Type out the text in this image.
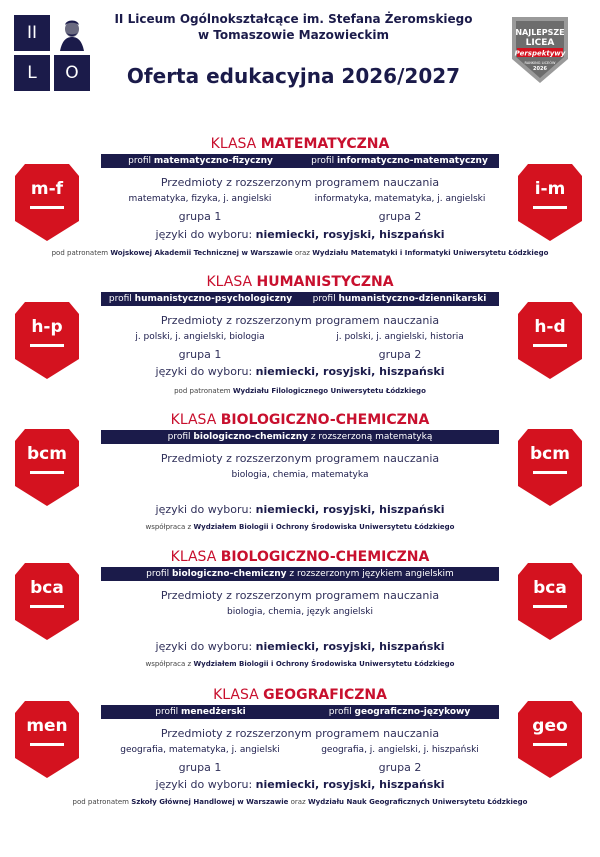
II
L	O
II Liceum Ogólnokształcące im. Stefana Żeromskiego
w Tomaszowie Mazowieckim
Oferta edukacyjna 2026/2027
NAJLEPSZE
LICEA
Perspektywy
RANKING LICEÓW
2026
KLASA MATEMATYCZNA
profil matematyczno-fizyczny	profil informatyczno-matematyczny
Przedmioty z rozszerzonym programem nauczania
matematyka, fizyka, j. angielski	informatyka, matematyka, j. angielski
grupa 1	grupa 2
języki do wyboru: niemiecki, rosyjski, hiszpański
pod patronatem Wojskowej Akademii Technicznej w Warszawie oraz Wydziału Matematyki i Informatyki Uniwersytetu Łódzkiego
m-f	i-m
KLASA HUMANISTYCZNA
profil humanistyczno-psychologiczny	profil humanistyczno-dziennikarski
Przedmioty z rozszerzonym programem nauczania
j. polski, j. angielski, biologia	j. polski, j. angielski, historia
grupa 1	grupa 2
języki do wyboru: niemiecki, rosyjski, hiszpański
pod patronatem Wydziału Filologicznego Uniwersytetu Łódzkiego
h-p	h-d
KLASA BIOLOGICZNO-CHEMICZNA
profil biologiczno-chemiczny z rozszerzoną matematyką
Przedmioty z rozszerzonym programem nauczania
biologia, chemia, matematyka
języki do wyboru: niemiecki, rosyjski, hiszpański
współpraca z Wydziałem Biologii i Ochrony Środowiska Uniwersytetu Łódzkiego
bcm	bcm
KLASA BIOLOGICZNO-CHEMICZNA
profil biologiczno-chemiczny z rozszerzonym językiem angielskim
Przedmioty z rozszerzonym programem nauczania
biologia, chemia, język angielski
języki do wyboru: niemiecki, rosyjski, hiszpański
współpraca z Wydziałem Biologii i Ochrony Środowiska Uniwersytetu Łódzkiego
bca	bca
KLASA GEOGRAFICZNA
profil menedżerski	profil geograficzno-językowy
Przedmioty z rozszerzonym programem nauczania
geografia, matematyka, j. angielski	geografia, j. angielski, j. hiszpański
grupa 1	grupa 2
języki do wyboru: niemiecki, rosyjski, hiszpański
pod patronatem Szkoły Głównej Handlowej w Warszawie oraz Wydziału Nauk Geograficznych Uniwersytetu Łódzkiego
men	geo
